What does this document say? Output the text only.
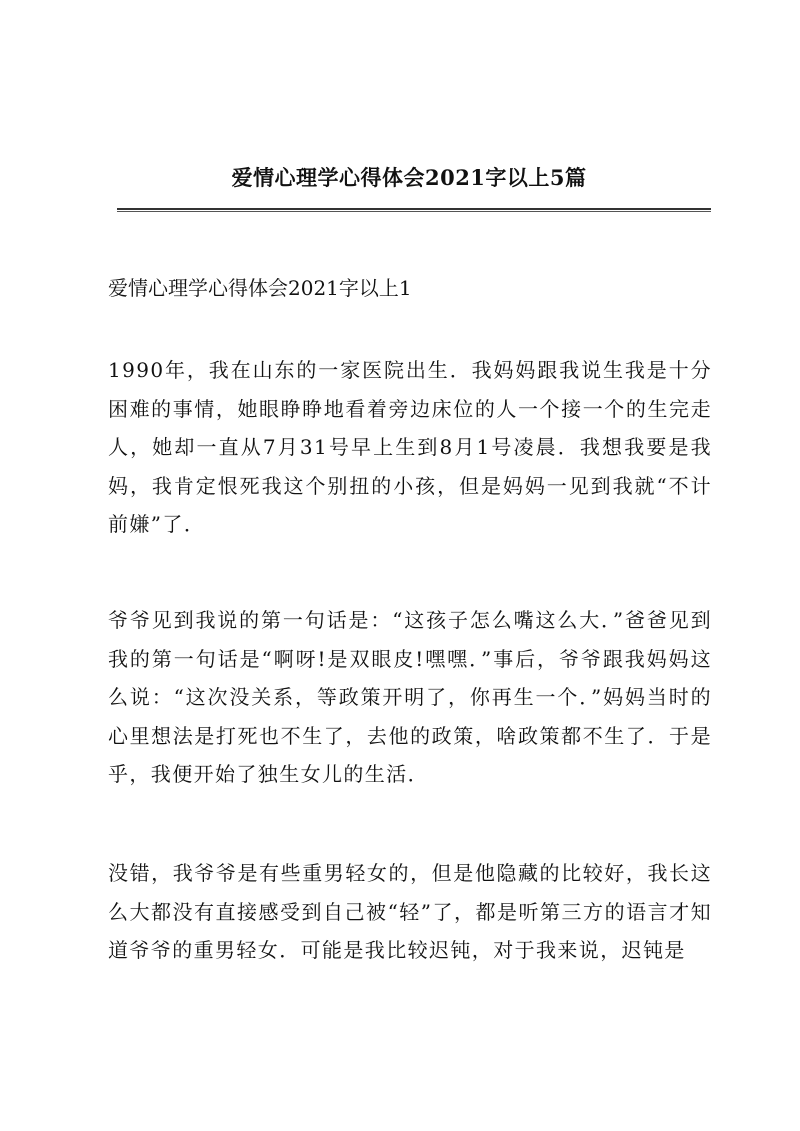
爱情心理学心得体会2021字以上5篇
爱情心理学心得体会2021字以上1

1990年，我在山东的一家医院出生．我妈妈跟我说生我是十分困难的事情，她眼睁睁地看着旁边床位的人一个接一个的生完走人，她却一直从7月31号早上生到8月1号凌晨．我想我要是我妈，我肯定恨死我这个别扭的小孩，但是妈妈一见到我就“不计前嫌”了．

爷爷见到我说的第一句话是：“这孩子怎么嘴这么大．”爸爸见到我的第一句话是“啊呀!是双眼皮!嘿嘿．”事后，爷爷跟我妈妈这么说：“这次没关系，等政策开明了，你再生一个．”妈妈当时的心里想法是打死也不生了，去他的政策，啥政策都不生了．于是乎，我便开始了独生女儿的生活．

没错，我爷爷是有些重男轻女的，但是他隐藏的比较好，我长这么大都没有直接感受到自己被“轻”了，都是听第三方的语言才知道爷爷的重男轻女．可能是我比较迟钝，对于我来说，迟钝是
